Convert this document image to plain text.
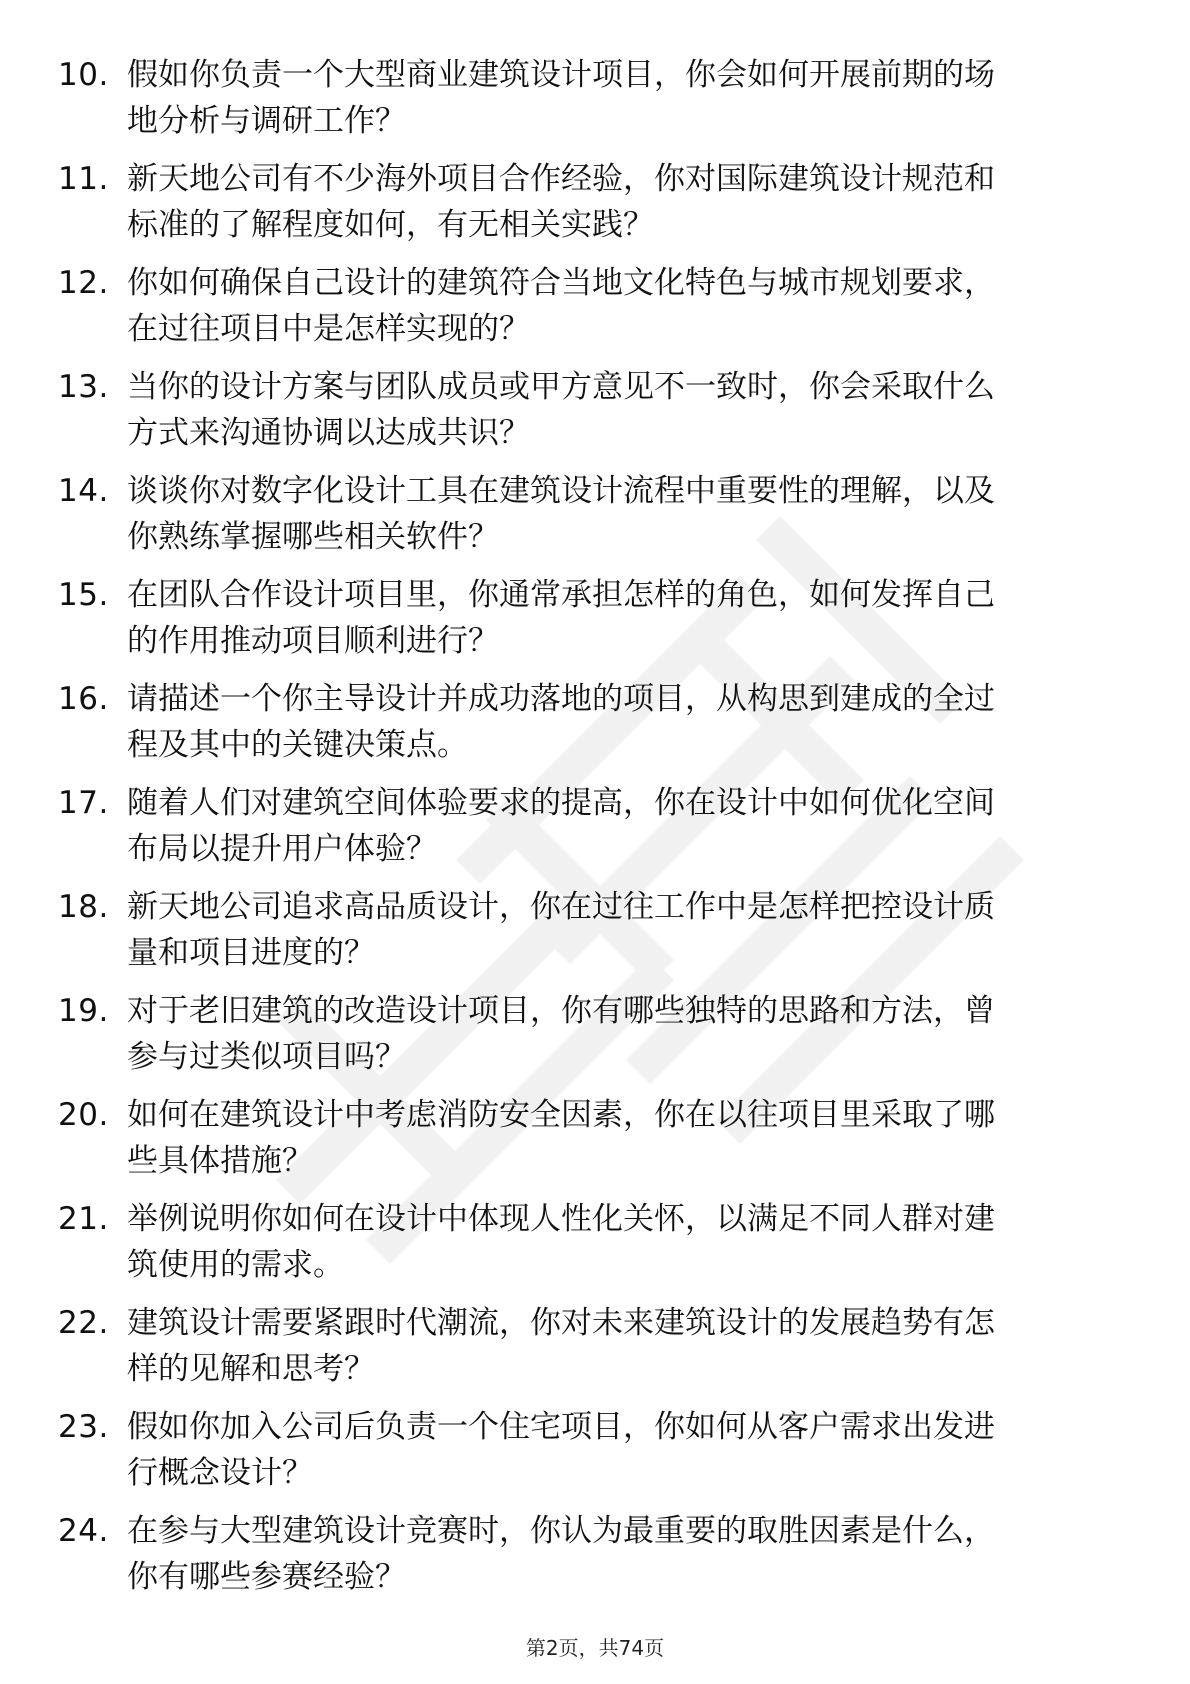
10. 假如你负责一个大型商业建筑设计项目，你会如何开展前期的场
地分析与调研工作？
11. 新天地公司有不少海外项目合作经验，你对国际建筑设计规范和
标准的了解程度如何，有无相关实践？
12. 你如何确保自己设计的建筑符合当地文化特色与城市规划要求，
在过往项目中是怎样实现的？
13. 当你的设计方案与团队成员或甲方意见不一致时，你会采取什么
方式来沟通协调以达成共识？
14. 谈谈你对数字化设计工具在建筑设计流程中重要性的理解，以及
你熟练掌握哪些相关软件？
15. 在团队合作设计项目里，你通常承担怎样的角色，如何发挥自己
的作用推动项目顺利进行？
16. 请描述一个你主导设计并成功落地的项目，从构思到建成的全过
程及其中的关键决策点。
17. 随着人们对建筑空间体验要求的提高，你在设计中如何优化空间
布局以提升用户体验？
18. 新天地公司追求高品质设计，你在过往工作中是怎样把控设计质
量和项目进度的？
19. 对于老旧建筑的改造设计项目，你有哪些独特的思路和方法，曾
参与过类似项目吗？
20. 如何在建筑设计中考虑消防安全因素，你在以往项目里采取了哪
些具体措施？
21. 举例说明你如何在设计中体现人性化关怀，以满足不同人群对建
筑使用的需求。
22. 建筑设计需要紧跟时代潮流，你对未来建筑设计的发展趋势有怎
样的见解和思考？
23. 假如你加入公司后负责一个住宅项目，你如何从客户需求出发进
行概念设计？
24. 在参与大型建筑设计竞赛时，你认为最重要的取胜因素是什么，
你有哪些参赛经验？
第2页，共74页
